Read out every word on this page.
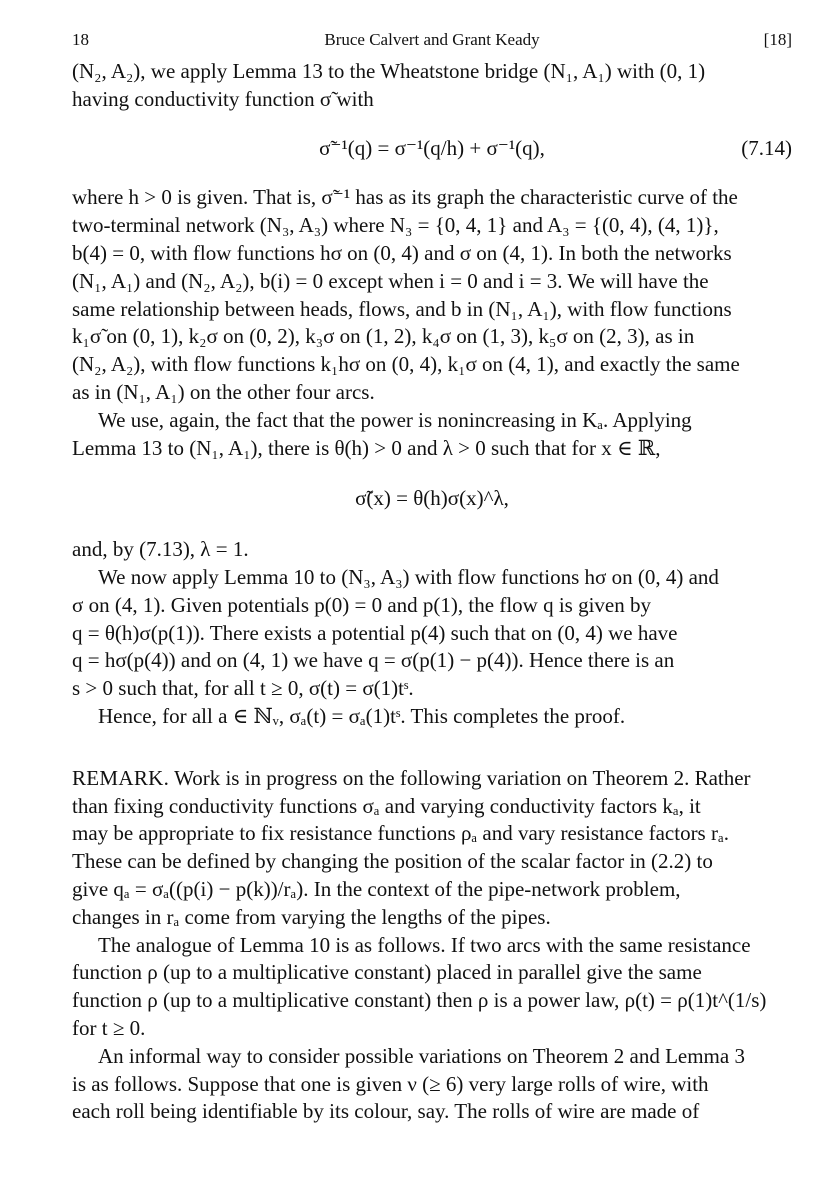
18	Bruce Calvert and Grant Keady	[18]

(N₂, A₂), we apply Lemma 13 to the Wheatstone bridge (N₁, A₁) with (0, 1)
having conductivity function σ̃ with

σ̃⁻¹(q) = σ⁻¹(q/h) + σ⁻¹(q),	(7.14)

where h > 0 is given. That is, σ̃⁻¹ has as its graph the characteristic curve of the
two-terminal network (N₃, A₃) where N₃ = {0, 4, 1} and A₃ = {(0, 4), (4, 1)},
b(4) = 0, with flow functions hσ on (0, 4) and σ on (4, 1). In both the networks
(N₁, A₁) and (N₂, A₂), b(i) = 0 except when i = 0 and i = 3. We will have the
same relationship between heads, flows, and b in (N₁, A₁), with flow functions
k₁σ̃ on (0, 1), k₂σ on (0, 2), k₃σ on (1, 2), k₄σ on (1, 3), k₅σ on (2, 3), as in
(N₂, A₂), with flow functions k₁hσ on (0, 4), k₁σ on (4, 1), and exactly the same
as in (N₁, A₁) on the other four arcs.

We use, again, the fact that the power is nonincreasing in Kₐ. Applying
Lemma 13 to (N₁, A₁), there is θ(h) > 0 and λ > 0 such that for x ∈ ℝ,

σ̃(x) = θ(h)σ(x)^λ,

and, by (7.13), λ = 1.

We now apply Lemma 10 to (N₃, A₃) with flow functions hσ on (0, 4) and
σ on (4, 1). Given potentials p(0) = 0 and p(1), the flow q is given by
q = θ(h)σ(p(1)). There exists a potential p(4) such that on (0, 4) we have
q = hσ(p(4)) and on (4, 1) we have q = σ(p(1) − p(4)). Hence there is an
s > 0 such that, for all t ≥ 0, σ(t) = σ(1)tˢ.

Hence, for all a ∈ ℕᵥ, σₐ(t) = σₐ(1)tˢ. This completes the proof.

REMARK. Work is in progress on the following variation on Theorem 2. Rather
than fixing conductivity functions σₐ and varying conductivity factors kₐ, it
may be appropriate to fix resistance functions ρₐ and vary resistance factors rₐ.
These can be defined by changing the position of the scalar factor in (2.2) to
give qₐ = σₐ((p(i) − p(k))/rₐ). In the context of the pipe-network problem,
changes in rₐ come from varying the lengths of the pipes.

The analogue of Lemma 10 is as follows. If two arcs with the same resistance
function ρ (up to a multiplicative constant) placed in parallel give the same
function ρ (up to a multiplicative constant) then ρ is a power law, ρ(t) = ρ(1)t^(1/s)
for t ≥ 0.

An informal way to consider possible variations on Theorem 2 and Lemma 3
is as follows. Suppose that one is given ν (≥ 6) very large rolls of wire, with
each roll being identifiable by its colour, say. The rolls of wire are made of
